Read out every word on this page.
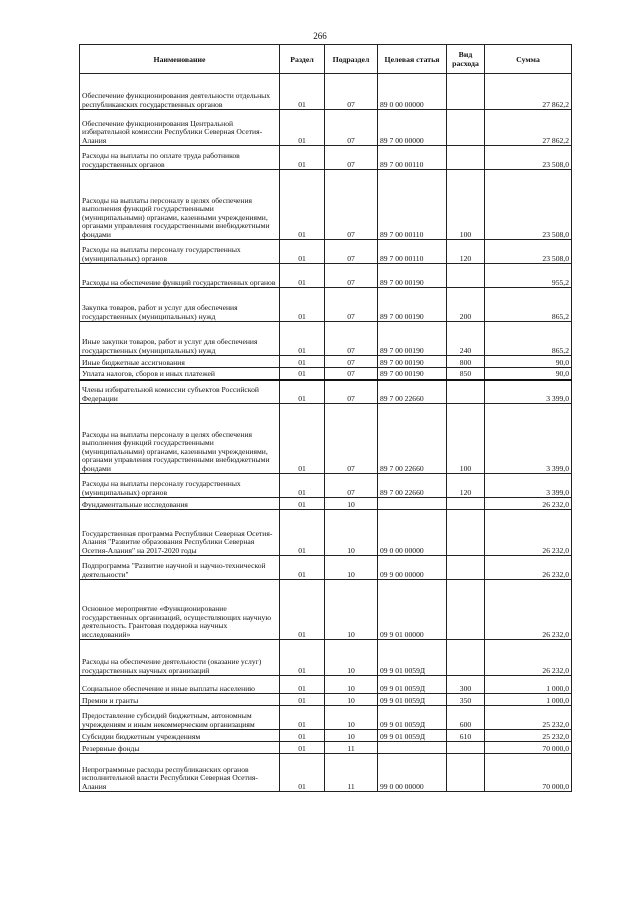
266
Наименование	Раздел	Подраздел	Целевая статья	Вид расхода	Сумма
Обеспечение функционирования деятельности отдельных республиканских государственных органов	01	07	89 0 00 00000		27 862,2
Обеспечение функционирования Центральной избирательной комиссии Республики Северная Осетия-Алания	01	07	89 7 00 00000		27 862,2
Расходы на выплаты по оплате труда работников государственных органов	01	07	89 7 00 00110		23 508,0
Расходы на выплаты персоналу в целях обеспечения выполнения функций государственными (муниципальными) органами, казенными учреждениями, органами управления государственными внебюджетными фондами	01	07	89 7 00 00110	100	23 508,0
Расходы на выплаты персоналу государственных (муниципальных) органов	01	07	89 7 00 00110	120	23 508,0
Расходы на обеспечение функций государственных органов	01	07	89 7 00 00190		955,2
Закупка товаров, работ и услуг для обеспечения государственных (муниципальных) нужд	01	07	89 7 00 00190	200	865,2
Иные закупки товаров, работ и услуг для обеспечения государственных (муниципальных) нужд	01	07	89 7 00 00190	240	865,2
Иные бюджетные ассигнования	01	07	89 7 00 00190	800	90,0
Уплата налогов, сборов и иных платежей	01	07	89 7 00 00190	850	90,0
Члены избирательной комиссии субъектов Российской Федерации	01	07	89 7 00 22660		3 399,0
Расходы на выплаты персоналу в целях обеспечения выполнения функций государственными (муниципальными) органами, казенными учреждениями, органами управления государственными внебюджетными фондами	01	07	89 7 00 22660	100	3 399,0
Расходы на выплаты персоналу государственных (муниципальных) органов	01	07	89 7 00 22660	120	3 399,0
Фундаментальные исследования	01	10			26 232,0
Государственная программа Республики Северная Осетия-Алания "Развитие образования Республики Северная Осетия-Алания" на 2017-2020 годы	01	10	09 0 00 00000		26 232,0
Подпрограмма "Развитие научной и научно-технической деятельности"	01	10	09 9 00 00000		26 232,0
Основное мероприятие «Функционирование государственных организаций, осуществляющих научную деятельность. Грантовая поддержка научных исследований»	01	10	09 9 01 00000		26 232,0
Расходы на обеспечение деятельности (оказание услуг) государственных научных организаций	01	10	09 9 01 0059Д		26 232,0
Социальное обеспечение и иные выплаты населению	01	10	09 9 01 0059Д	300	1 000,0
Премии и гранты	01	10	09 9 01 0059Д	350	1 000,0
Предоставление субсидий бюджетным, автономным учреждениям и иным некоммерческим организациям	01	10	09 9 01 0059Д	600	25 232,0
Субсидии бюджетным учреждениям	01	10	09 9 01 0059Д	610	25 232,0
Резервные фонды	01	11			70 000,0
Непрограммные расходы республиканских органов исполнительной власти Республики Северная Осетия-Алания	01	11	99 0 00 00000		70 000,0
